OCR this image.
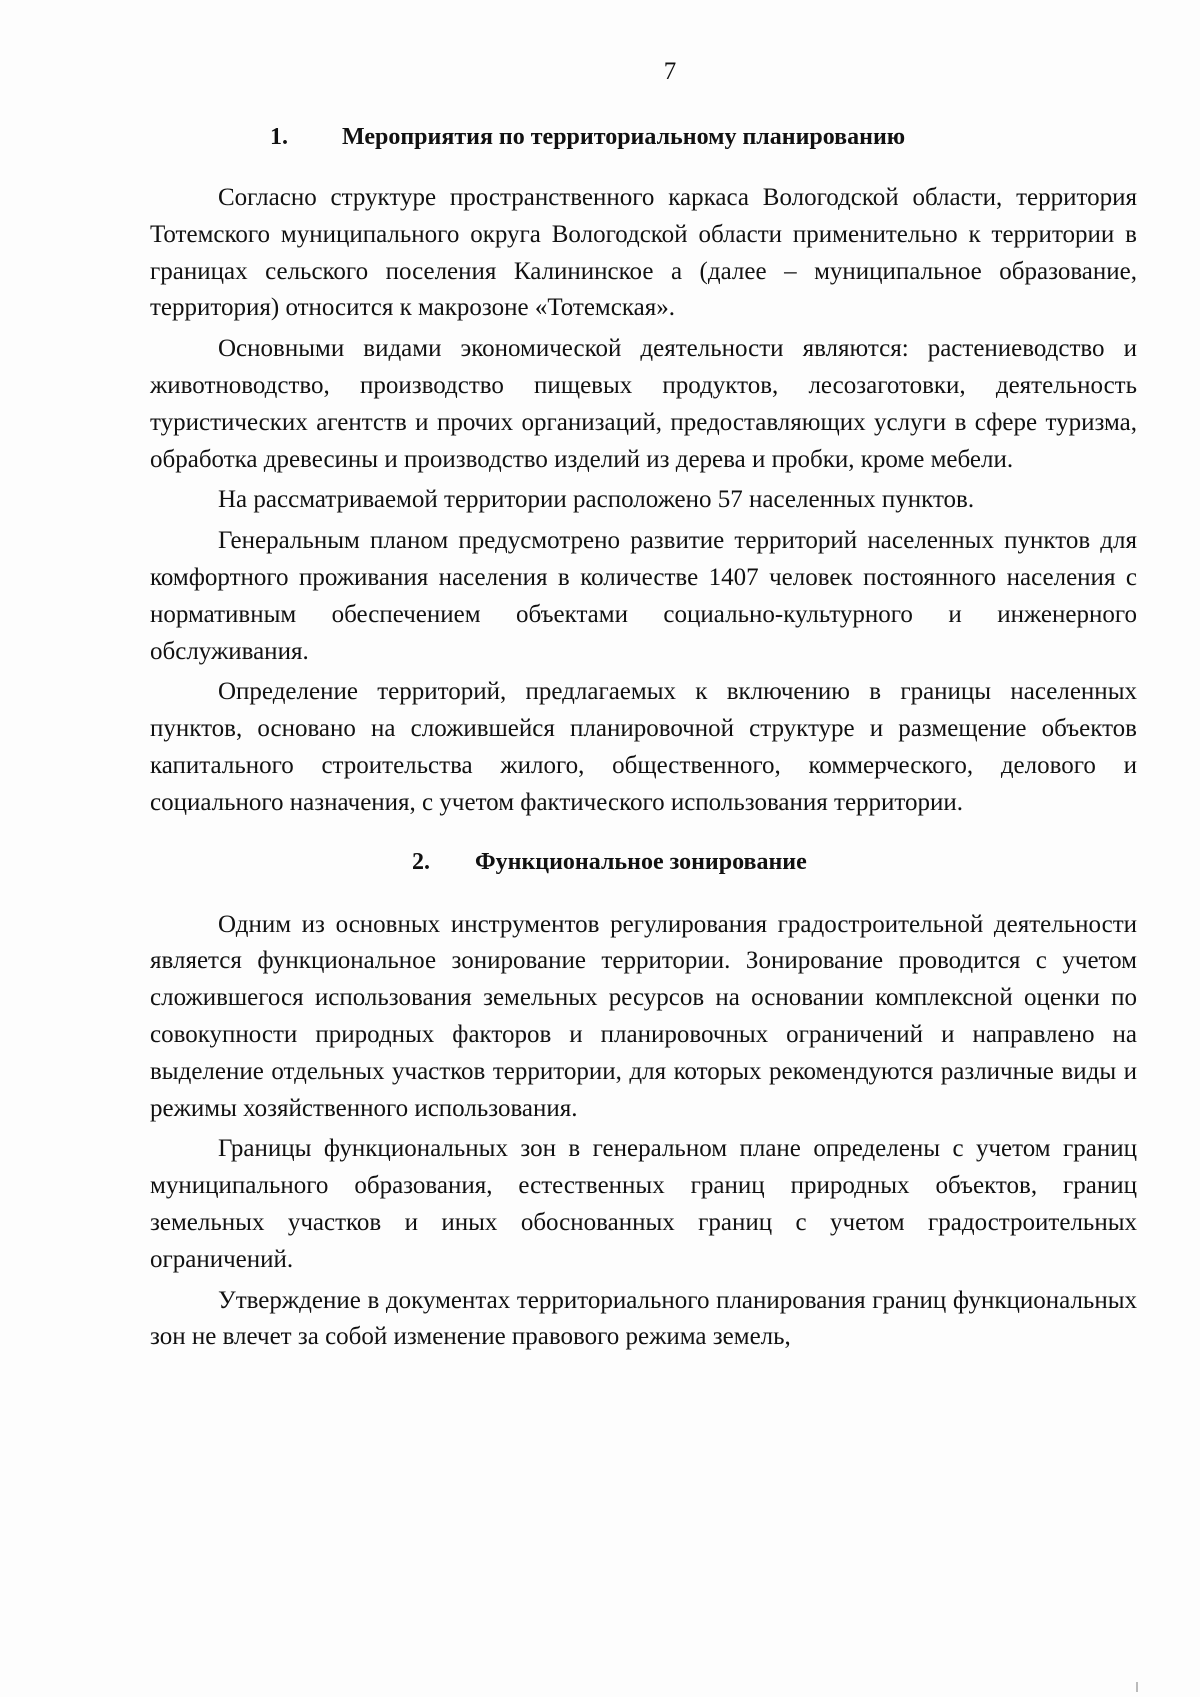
7
1.	Мероприятия по территориальному планированию

Согласно структуре пространственного каркаса Вологодской области, территория Тотемского муниципального округа Вологодской области применительно к территории в границах сельского поселения Калининское а (далее – муниципальное образование, территория) относится к макрозоне «Тотемская».

Основными видами экономической деятельности являются: растениеводство и животноводство, производство пищевых продуктов, лесозаготовки, деятельность туристических агентств и прочих организаций, предоставляющих услуги в сфере туризма, обработка древесины и производство изделий из дерева и пробки, кроме мебели.

На рассматриваемой территории расположено 57 населенных пунктов.

Генеральным планом предусмотрено развитие территорий населенных пунктов для комфортного проживания населения в количестве 1407 человек постоянного населения с нормативным обеспечением объектами социально-культурного и инженерного обслуживания.

Определение территорий, предлагаемых к включению в границы населенных пунктов, основано на сложившейся планировочной структуре и размещение объектов капитального строительства жилого, общественного, коммерческого, делового и социального назначения, с учетом фактического использования территории.

2.	Функциональное зонирование

Одним из основных инструментов регулирования градостроительной деятельности является функциональное зонирование территории. Зонирование проводится с учетом сложившегося использования земельных ресурсов на основании комплексной оценки по совокупности природных факторов и планировочных ограничений и направлено на выделение отдельных участков территории, для которых рекомендуются различные виды и режимы хозяйственного использования.

Границы функциональных зон в генеральном плане определены с учетом границ муниципального образования, естественных границ природных объектов, границ земельных участков и иных обоснованных границ с учетом градостроительных ограничений.

Утверждение в документах территориального планирования границ функциональных зон не влечет за собой изменение правового режима земель,
